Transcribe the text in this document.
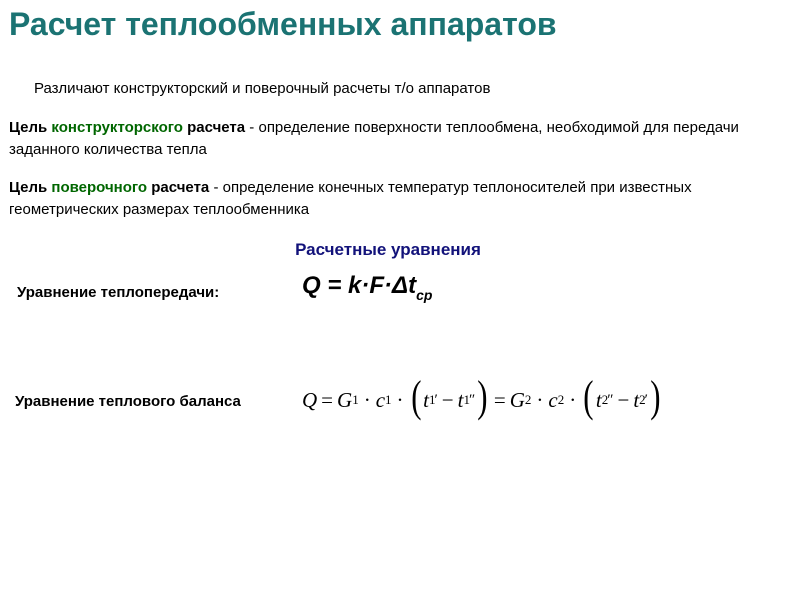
Расчет теплообменных аппаратов
Различают конструкторский и поверочный расчеты т/о аппаратов
Цель конструкторского расчета - определение поверхности теплообмена, необходимой для передачи заданного количества тепла
Цель поверочного расчета - определение конечных температур теплоносителей при известных геометрических размерах теплообменника
Расчетные уравнения
Уравнение теплопередачи:	$Q = k\cdot F\cdot\Delta t_{ср}$
Уравнение теплового баланса	Q = G 1 · c 1 · ( t 1 ′ − t 1 ″ ) = G 2 · c 2 · ( t 2 ″ − t 2 ′ )
